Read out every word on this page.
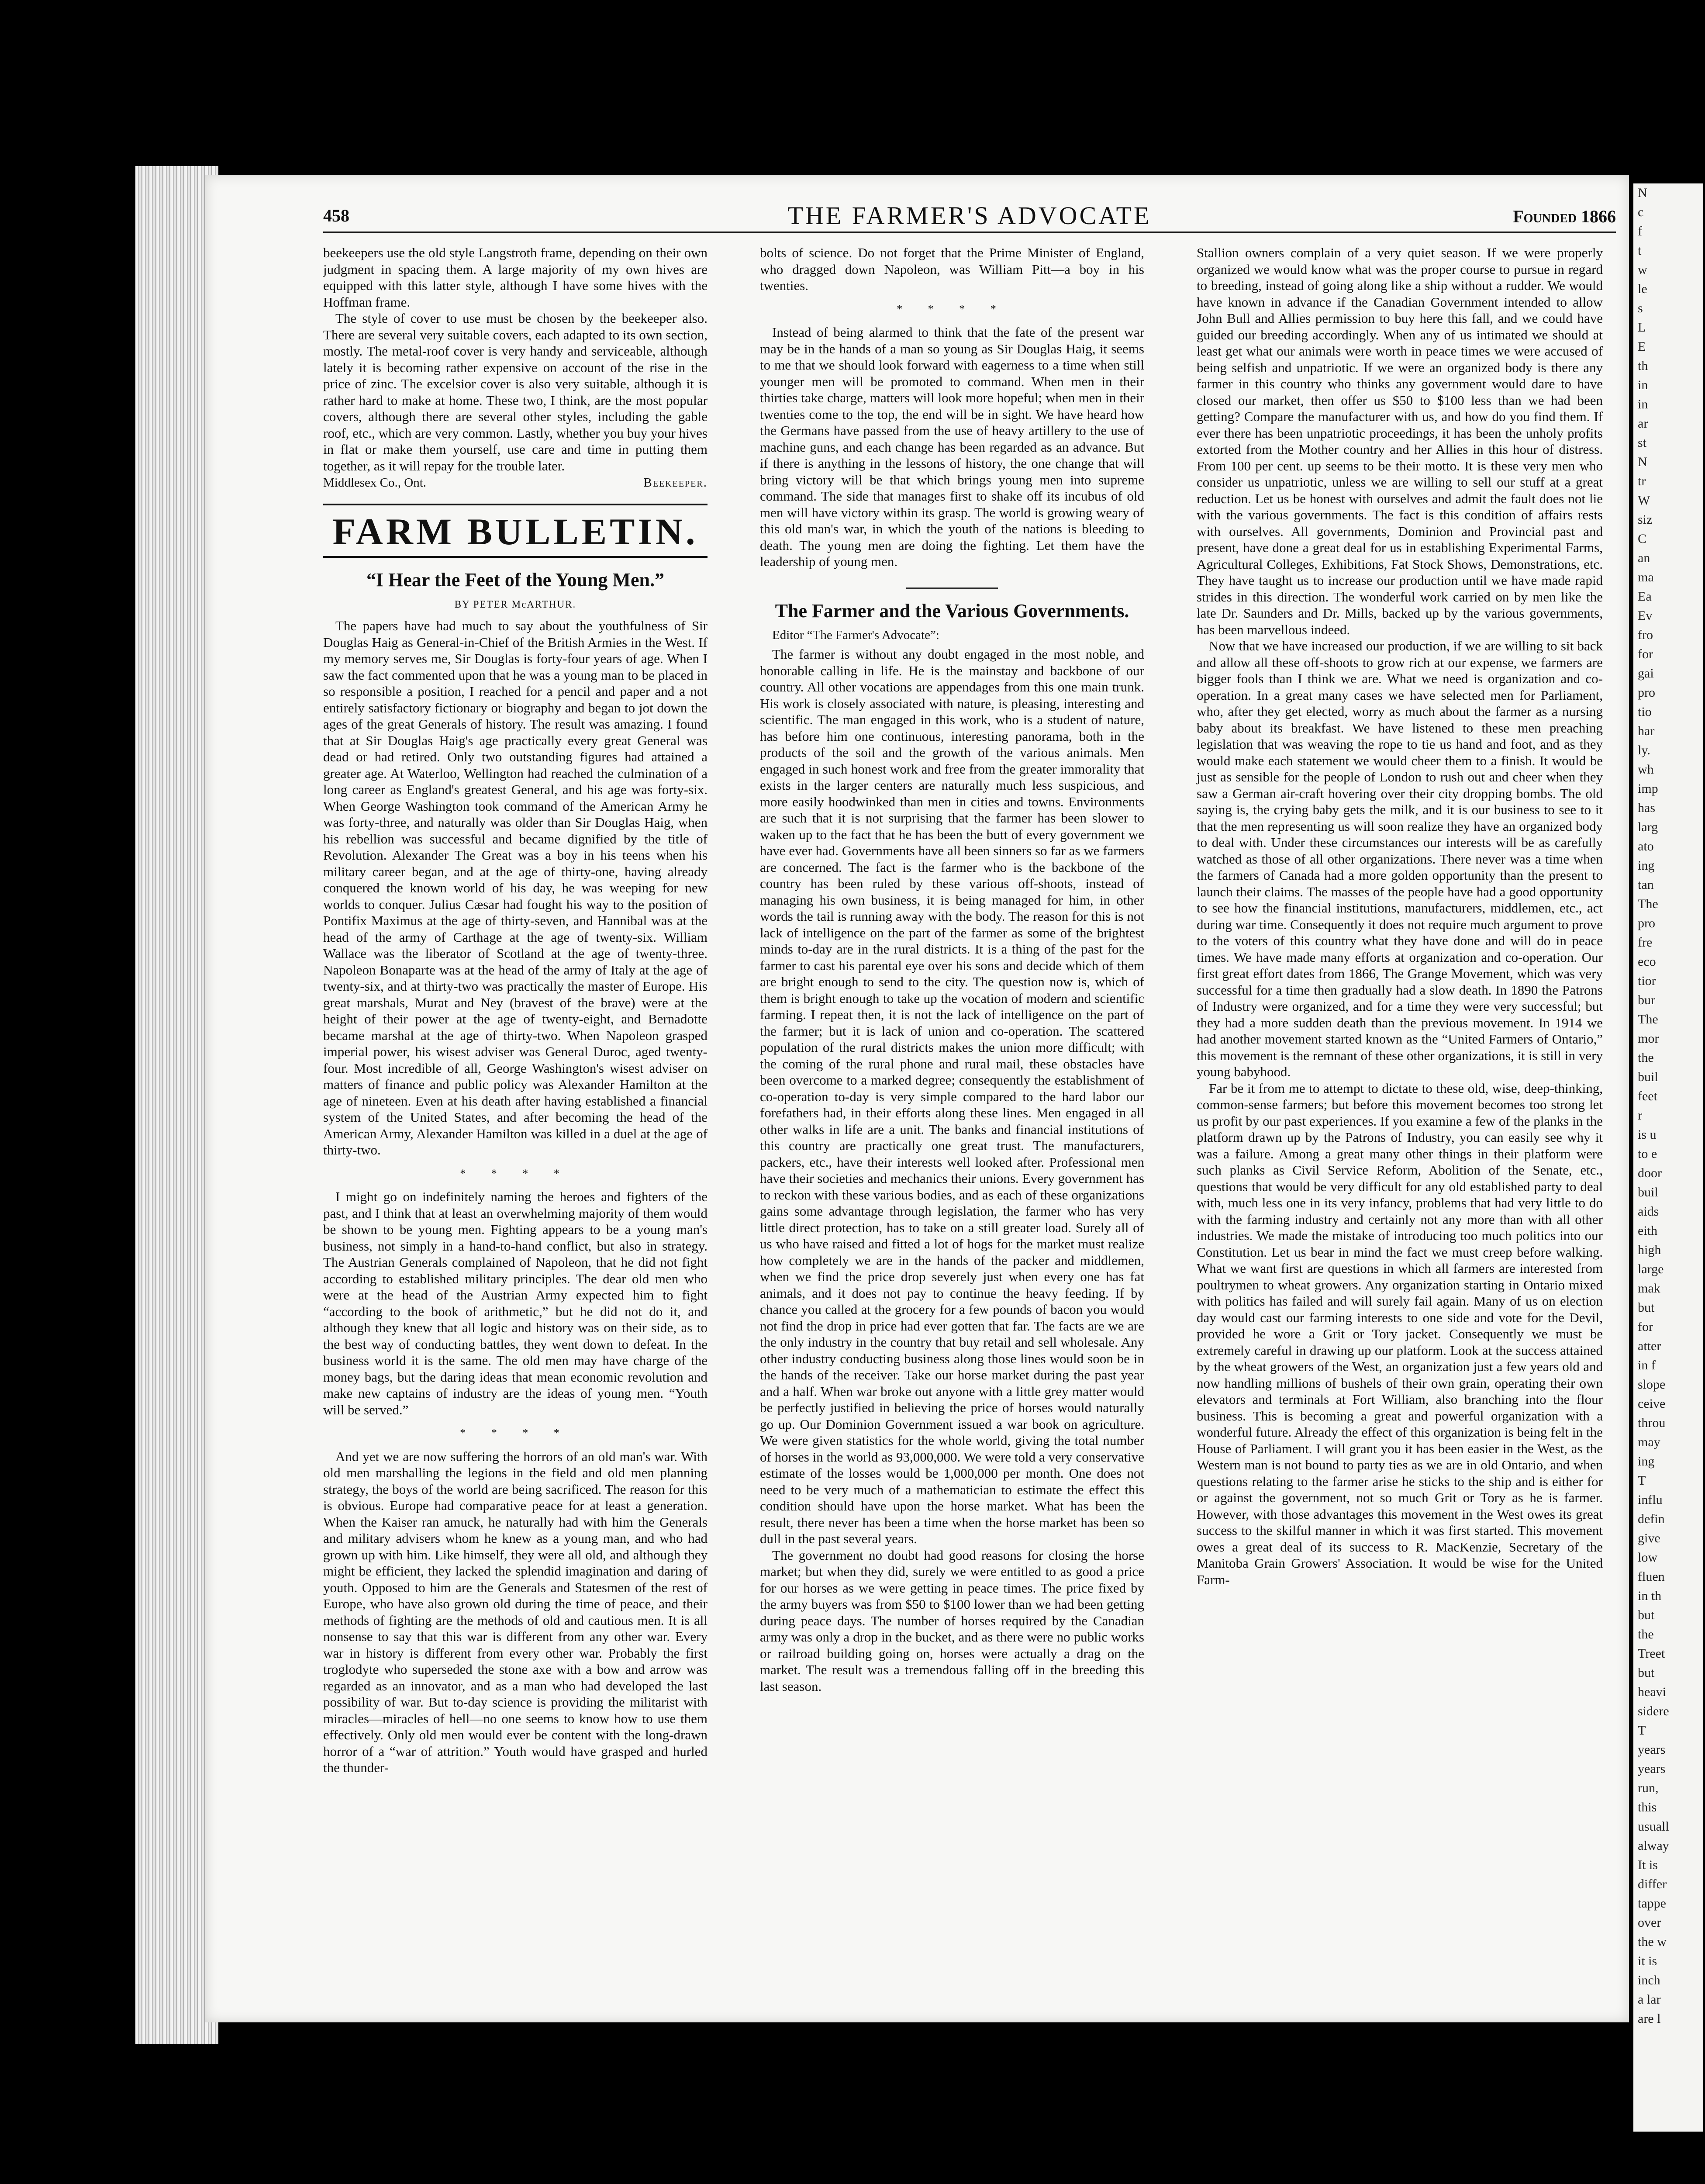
458	THE FARMER'S ADVOCATE	Founded 1866

beekeepers use the old style Langstroth frame, depending on their own judgment in spacing them. A large majority of my own hives are equipped with this latter style, although I have some hives with the Hoffman frame.

The style of cover to use must be chosen by the beekeeper also. There are several very suitable covers, each adapted to its own section, mostly. The metal-roof cover is very handy and serviceable, although lately it is becoming rather expensive on account of the rise in the price of zinc. The excelsior cover is also very suitable, although it is rather hard to make at home. These two, I think, are the most popular covers, although there are several other styles, including the gable roof, etc., which are very common. Lastly, whether you buy your hives in flat or make them yourself, use care and time in putting them together, as it will repay for the trouble later.

Middlesex Co., Ont.	Beekeeper.
FARM BULLETIN.
“I Hear the Feet of the Young Men.”
BY PETER McARTHUR.

The papers have had much to say about the youthfulness of Sir Douglas Haig as General-in-Chief of the British Armies in the West. If my memory serves me, Sir Douglas is forty-four years of age. When I saw the fact commented upon that he was a young man to be placed in so responsible a position, I reached for a pencil and paper and a not entirely satisfactory fictionary or biography and began to jot down the ages of the great Generals of history. The result was amazing. I found that at Sir Douglas Haig's age practically every great General was dead or had retired. Only two outstanding figures had attained a greater age. At Waterloo, Wellington had reached the culmination of a long career as England's greatest General, and his age was forty-six. When George Washington took command of the American Army he was forty-three, and naturally was older than Sir Douglas Haig, when his rebellion was successful and became dignified by the title of Revolution. Alexander The Great was a boy in his teens when his military career began, and at the age of thirty-one, having already conquered the known world of his day, he was weeping for new worlds to conquer. Julius Cæsar had fought his way to the position of Pontifix Maximus at the age of thirty-seven, and Hannibal was at the head of the army of Carthage at the age of twenty-six. William Wallace was the liberator of Scotland at the age of twenty-three. Napoleon Bonaparte was at the head of the army of Italy at the age of twenty-six, and at thirty-two was practically the master of Europe. His great marshals, Murat and Ney (bravest of the brave) were at the height of their power at the age of twenty-eight, and Bernadotte became marshal at the age of thirty-two. When Napoleon grasped imperial power, his wisest adviser was General Duroc, aged twenty-four. Most incredible of all, George Washington's wisest adviser on matters of finance and public policy was Alexander Hamilton at the age of nineteen. Even at his death after having established a financial system of the United States, and after becoming the head of the American Army, Alexander Hamilton was killed in a duel at the age of thirty-two.

* * * *

I might go on indefinitely naming the heroes and fighters of the past, and I think that at least an overwhelming majority of them would be shown to be young men. Fighting appears to be a young man's business, not simply in a hand-to-hand conflict, but also in strategy. The Austrian Generals complained of Napoleon, that he did not fight according to established military principles. The dear old men who were at the head of the Austrian Army expected him to fight “according to the book of arithmetic,” but he did not do it, and although they knew that all logic and history was on their side, as to the best way of conducting battles, they went down to defeat. In the business world it is the same. The old men may have charge of the money bags, but the daring ideas that mean economic revolution and make new captains of industry are the ideas of young men. “Youth will be served.”

* * * *

And yet we are now suffering the horrors of an old man's war. With old men marshalling the legions in the field and old men planning strategy, the boys of the world are being sacrificed. The reason for this is obvious. Europe had comparative peace for at least a generation. When the Kaiser ran amuck, he naturally had with him the Generals and military advisers whom he knew as a young man, and who had grown up with him. Like himself, they were all old, and although they might be efficient, they lacked the splendid imagination and daring of youth. Opposed to him are the Generals and Statesmen of the rest of Europe, who have also grown old during the time of peace, and their methods of fighting are the methods of old and cautious men. It is all nonsense to say that this war is different from any other war. Every war in history is different from every other war. Probably the first troglodyte who superseded the stone axe with a bow and arrow was regarded as an innovator, and as a man who had developed the last possibility of war. But to-day science is providing the militarist with miracles—miracles of hell—no one seems to know how to use them effectively. Only old men would ever be content with the long-drawn horror of a “war of attrition.” Youth would have grasped and hurled the thunder-

bolts of science. Do not forget that the Prime Minister of England, who dragged down Napoleon, was William Pitt—a boy in his twenties.

* * * *

Instead of being alarmed to think that the fate of the present war may be in the hands of a man so young as Sir Douglas Haig, it seems to me that we should look forward with eagerness to a time when still younger men will be promoted to command. When men in their thirties take charge, matters will look more hopeful; when men in their twenties come to the top, the end will be in sight. We have heard how the Germans have passed from the use of heavy artillery to the use of machine guns, and each change has been regarded as an advance. But if there is anything in the lessons of history, the one change that will bring victory will be that which brings young men into supreme command. The side that manages first to shake off its incubus of old men will have victory within its grasp. The world is growing weary of this old man's war, in which the youth of the nations is bleeding to death. The young men are doing the fighting. Let them have the leadership of young men.

The Farmer and the Various Governments.
Editor “The Farmer's Advocate”:

The farmer is without any doubt engaged in the most noble, and honorable calling in life. He is the mainstay and backbone of our country. All other vocations are appendages from this one main trunk. His work is closely associated with nature, is pleasing, interesting and scientific. The man engaged in this work, who is a student of nature, has before him one continuous, interesting panorama, both in the products of the soil and the growth of the various animals. Men engaged in such honest work and free from the greater immorality that exists in the larger centers are naturally much less suspicious, and more easily hoodwinked than men in cities and towns. Environments are such that it is not surprising that the farmer has been slower to waken up to the fact that he has been the butt of every government we have ever had. Governments have all been sinners so far as we farmers are concerned. The fact is the farmer who is the backbone of the country has been ruled by these various off-shoots, instead of managing his own business, it is being managed for him, in other words the tail is running away with the body. The reason for this is not lack of intelligence on the part of the farmer as some of the brightest minds to-day are in the rural districts. It is a thing of the past for the farmer to cast his parental eye over his sons and decide which of them are bright enough to send to the city. The question now is, which of them is bright enough to take up the vocation of modern and scientific farming. I repeat then, it is not the lack of intelligence on the part of the farmer; but it is lack of union and co-operation. The scattered population of the rural districts makes the union more difficult; with the coming of the rural phone and rural mail, these obstacles have been overcome to a marked degree; consequently the establishment of co-operation to-day is very simple compared to the hard labor our forefathers had, in their efforts along these lines. Men engaged in all other walks in life are a unit. The banks and financial institutions of this country are practically one great trust. The manufacturers, packers, etc., have their interests well looked after. Professional men have their societies and mechanics their unions. Every government has to reckon with these various bodies, and as each of these organizations gains some advantage through legislation, the farmer who has very little direct protection, has to take on a still greater load. Surely all of us who have raised and fitted a lot of hogs for the market must realize how completely we are in the hands of the packer and middlemen, when we find the price drop severely just when every one has fat animals, and it does not pay to continue the heavy feeding. If by chance you called at the grocery for a few pounds of bacon you would not find the drop in price had ever gotten that far. The facts are we are the only industry in the country that buy retail and sell wholesale. Any other industry conducting business along those lines would soon be in the hands of the receiver. Take our horse market during the past year and a half. When war broke out anyone with a little grey matter would be perfectly justified in believing the price of horses would naturally go up. Our Dominion Government issued a war book on agriculture. We were given statistics for the whole world, giving the total number of horses in the world as 93,000,000. We were told a very conservative estimate of the losses would be 1,000,000 per month. One does not need to be very much of a mathematician to estimate the effect this condition should have upon the horse market. What has been the result, there never has been a time when the horse market has been so dull in the past several years.

The government no doubt had good reasons for closing the horse market; but when they did, surely we were entitled to as good a price for our horses as we were getting in peace times. The price fixed by the army buyers was from $50 to $100 lower than we had been getting during peace days. The number of horses required by the Canadian army was only a drop in the bucket, and as there were no public works or railroad building going on, horses were actually a drag on the market. The result was a tremendous falling off in the breeding this last season.

Stallion owners complain of a very quiet season. If we were properly organized we would know what was the proper course to pursue in regard to breeding, instead of going along like a ship without a rudder. We would have known in advance if the Canadian Government intended to allow John Bull and Allies permission to buy here this fall, and we could have guided our breeding accordingly. When any of us intimated we should at least get what our animals were worth in peace times we were accused of being selfish and unpatriotic. If we were an organized body is there any farmer in this country who thinks any government would dare to have closed our market, then offer us $50 to $100 less than we had been getting? Compare the manufacturer with us, and how do you find them. If ever there has been unpatriotic proceedings, it has been the unholy profits extorted from the Mother country and her Allies in this hour of distress. From 100 per cent. up seems to be their motto. It is these very men who consider us unpatriotic, unless we are willing to sell our stuff at a great reduction. Let us be honest with ourselves and admit the fault does not lie with the various governments. The fact is this condition of affairs rests with ourselves. All governments, Dominion and Provincial past and present, have done a great deal for us in establishing Experimental Farms, Agricultural Colleges, Exhibitions, Fat Stock Shows, Demonstrations, etc. They have taught us to increase our production until we have made rapid strides in this direction. The wonderful work carried on by men like the late Dr. Saunders and Dr. Mills, backed up by the various governments, has been marvellous indeed.

Now that we have increased our production, if we are willing to sit back and allow all these off-shoots to grow rich at our expense, we farmers are bigger fools than I think we are. What we need is organization and co-operation. In a great many cases we have selected men for Parliament, who, after they get elected, worry as much about the farmer as a nursing baby about its breakfast. We have listened to these men preaching legislation that was weaving the rope to tie us hand and foot, and as they would make each statement we would cheer them to a finish. It would be just as sensible for the people of London to rush out and cheer when they saw a German air-craft hovering over their city dropping bombs. The old saying is, the crying baby gets the milk, and it is our business to see to it that the men representing us will soon realize they have an organized body to deal with. Under these circumstances our interests will be as carefully watched as those of all other organizations. There never was a time when the farmers of Canada had a more golden opportunity than the present to launch their claims. The masses of the people have had a good opportunity to see how the financial institutions, manufacturers, middlemen, etc., act during war time. Consequently it does not require much argument to prove to the voters of this country what they have done and will do in peace times. We have made many efforts at organization and co-operation. Our first great effort dates from 1866, The Grange Movement, which was very successful for a time then gradually had a slow death. In 1890 the Patrons of Industry were organized, and for a time they were very successful; but they had a more sudden death than the previous movement. In 1914 we had another movement started known as the “United Farmers of Ontario,” this movement is the remnant of these other organizations, it is still in very young babyhood.

Far be it from me to attempt to dictate to these old, wise, deep-thinking, common-sense farmers; but before this movement becomes too strong let us profit by our past experiences. If you examine a few of the planks in the platform drawn up by the Patrons of Industry, you can easily see why it was a failure. Among a great many other things in their platform were such planks as Civil Service Reform, Abolition of the Senate, etc., questions that would be very difficult for any old established party to deal with, much less one in its very infancy, problems that had very little to do with the farming industry and certainly not any more than with all other industries. We made the mistake of introducing too much politics into our Constitution. Let us bear in mind the fact we must creep before walking. What we want first are questions in which all farmers are interested from poultrymen to wheat growers. Any organization starting in Ontario mixed with politics has failed and will surely fail again. Many of us on election day would cast our farming interests to one side and vote for the Devil, provided he wore a Grit or Tory jacket. Consequently we must be extremely careful in drawing up our platform. Look at the success attained by the wheat growers of the West, an organization just a few years old and now handling millions of bushels of their own grain, operating their own elevators and terminals at Fort William, also branching into the flour business. This is becoming a great and powerful organization with a wonderful future. Already the effect of this organization is being felt in the House of Parliament. I will grant you it has been easier in the West, as the Western man is not bound to party ties as we are in old Ontario, and when questions relating to the farmer arise he sticks to the ship and is either for or against the government, not so much Grit or Tory as he is farmer. However, with those advantages this movement in the West owes its great success to the skilful manner in which it was first started. This movement owes a great deal of its success to R. MacKenzie, Secretary of the Manitoba Grain Growers' Association. It would be wise for the United Farm-

N
c
f
t
w
le
s
L
E
th
in
in
ar
st
N
tr
W
siz
C
an
ma
Ea
Ev
fro
for
gai
pro
tio
har
ly.
wh
imp
has
larg
ato
ing
tan
The
pro
fre
eco
tior
bur
The
mor
the
buil
feet
r
is u
to e
door
buil
aids
eith
high
large
mak
but
for
atter
in f
slope
ceive
throu
may
ing
T
influ
defin
give
low
fluen
in th
but
the
Treet
but
heavi
sidere
T
years
years
run,
this
usuall
alway
It is
differ
tappe
over
the w
it is
inch
a lar
are l
